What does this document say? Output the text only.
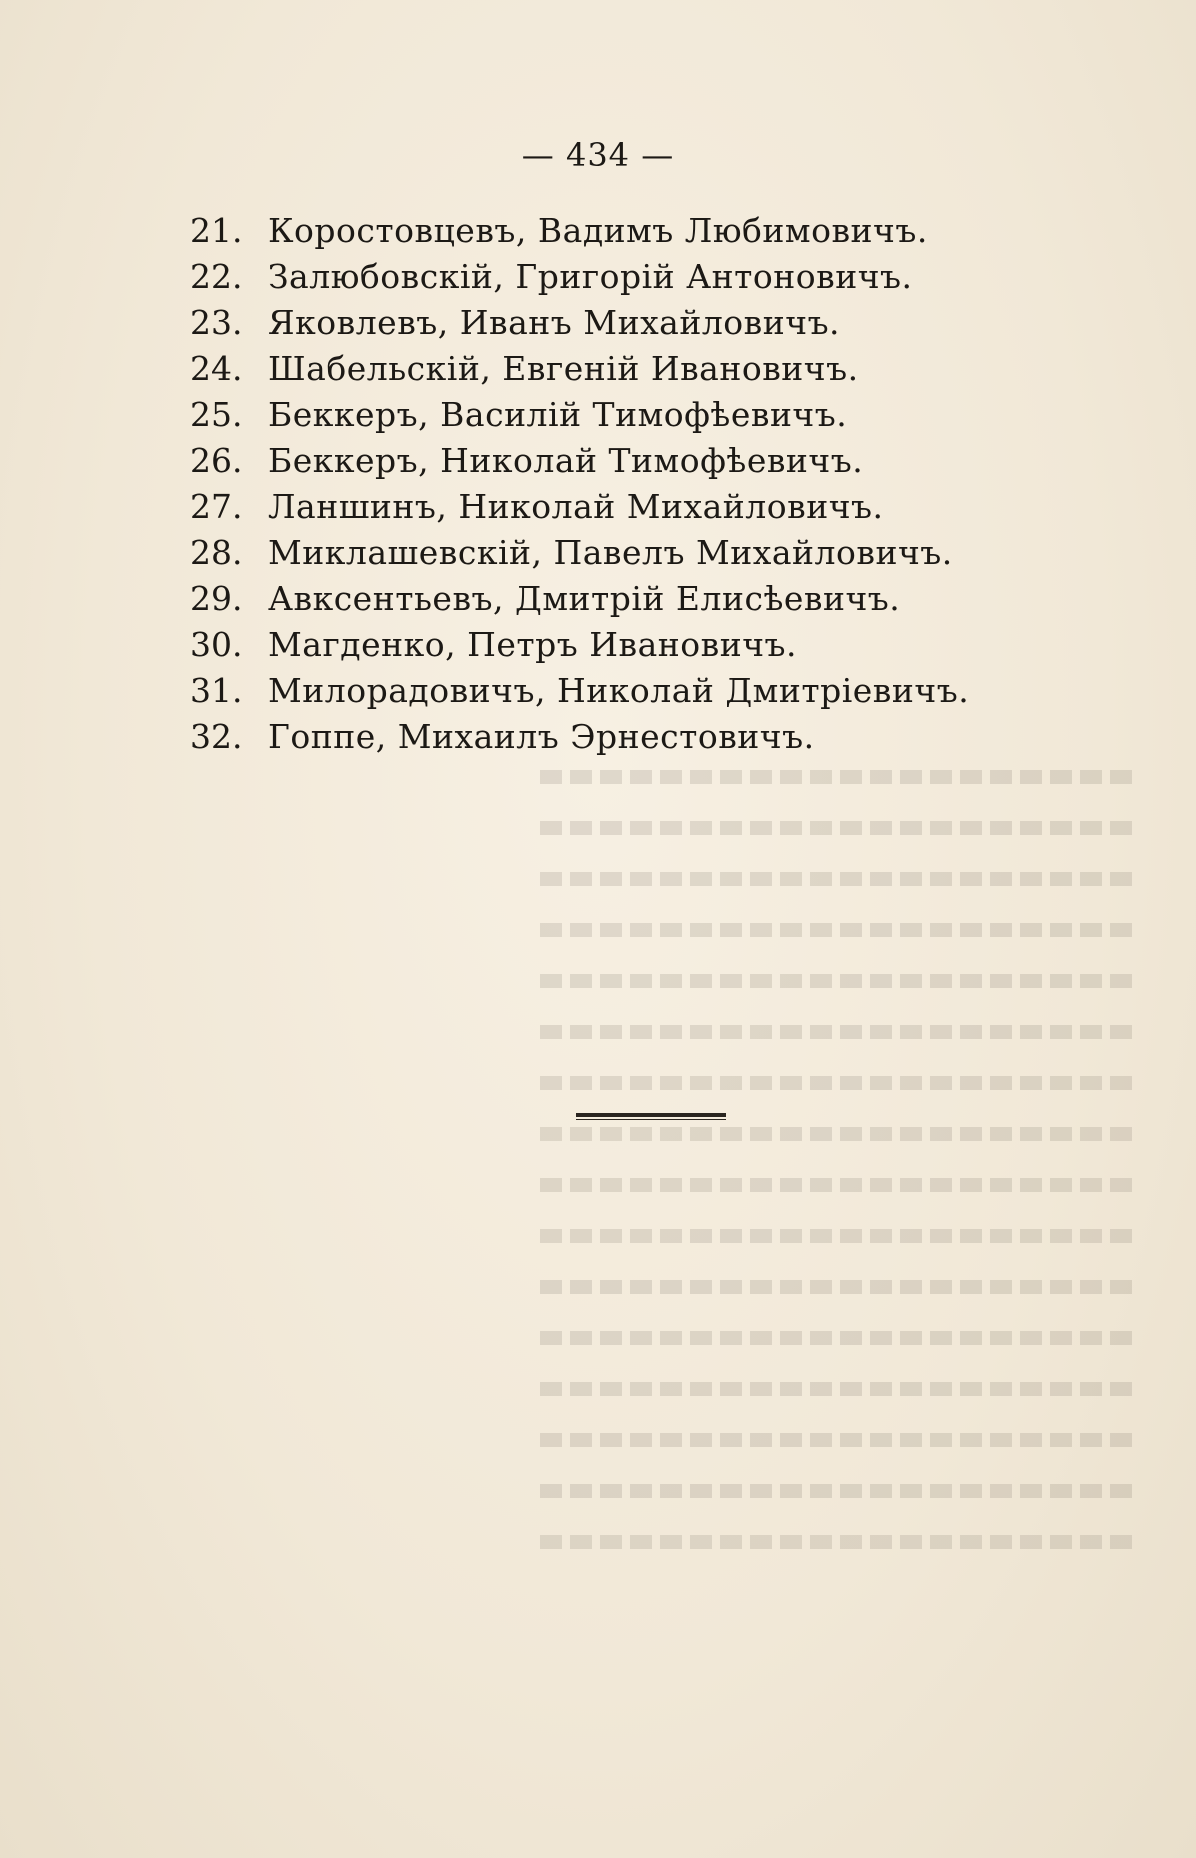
— 434 —
21. Коростовцевъ, Вадимъ Любимовичъ.
22. Залюбовскій, Григорій Антоновичъ.
23. Яковлевъ, Иванъ Михайловичъ.
24. Шабельскій, Евгеній Ивановичъ.
25. Беккеръ, Василій Тимофѣевичъ.
26. Беккеръ, Николай Тимофѣевичъ.
27. Ланшинъ, Николай Михайловичъ.
28. Миклашевскій, Павелъ Михайловичъ.
29. Авксентьевъ, Дмитрій Елисѣевичъ.
30. Магденко, Петръ Ивановичъ.
31. Милорадовичъ, Николай Дмитріевичъ.
32. Гоппе, Михаилъ Эрнестовичъ.
